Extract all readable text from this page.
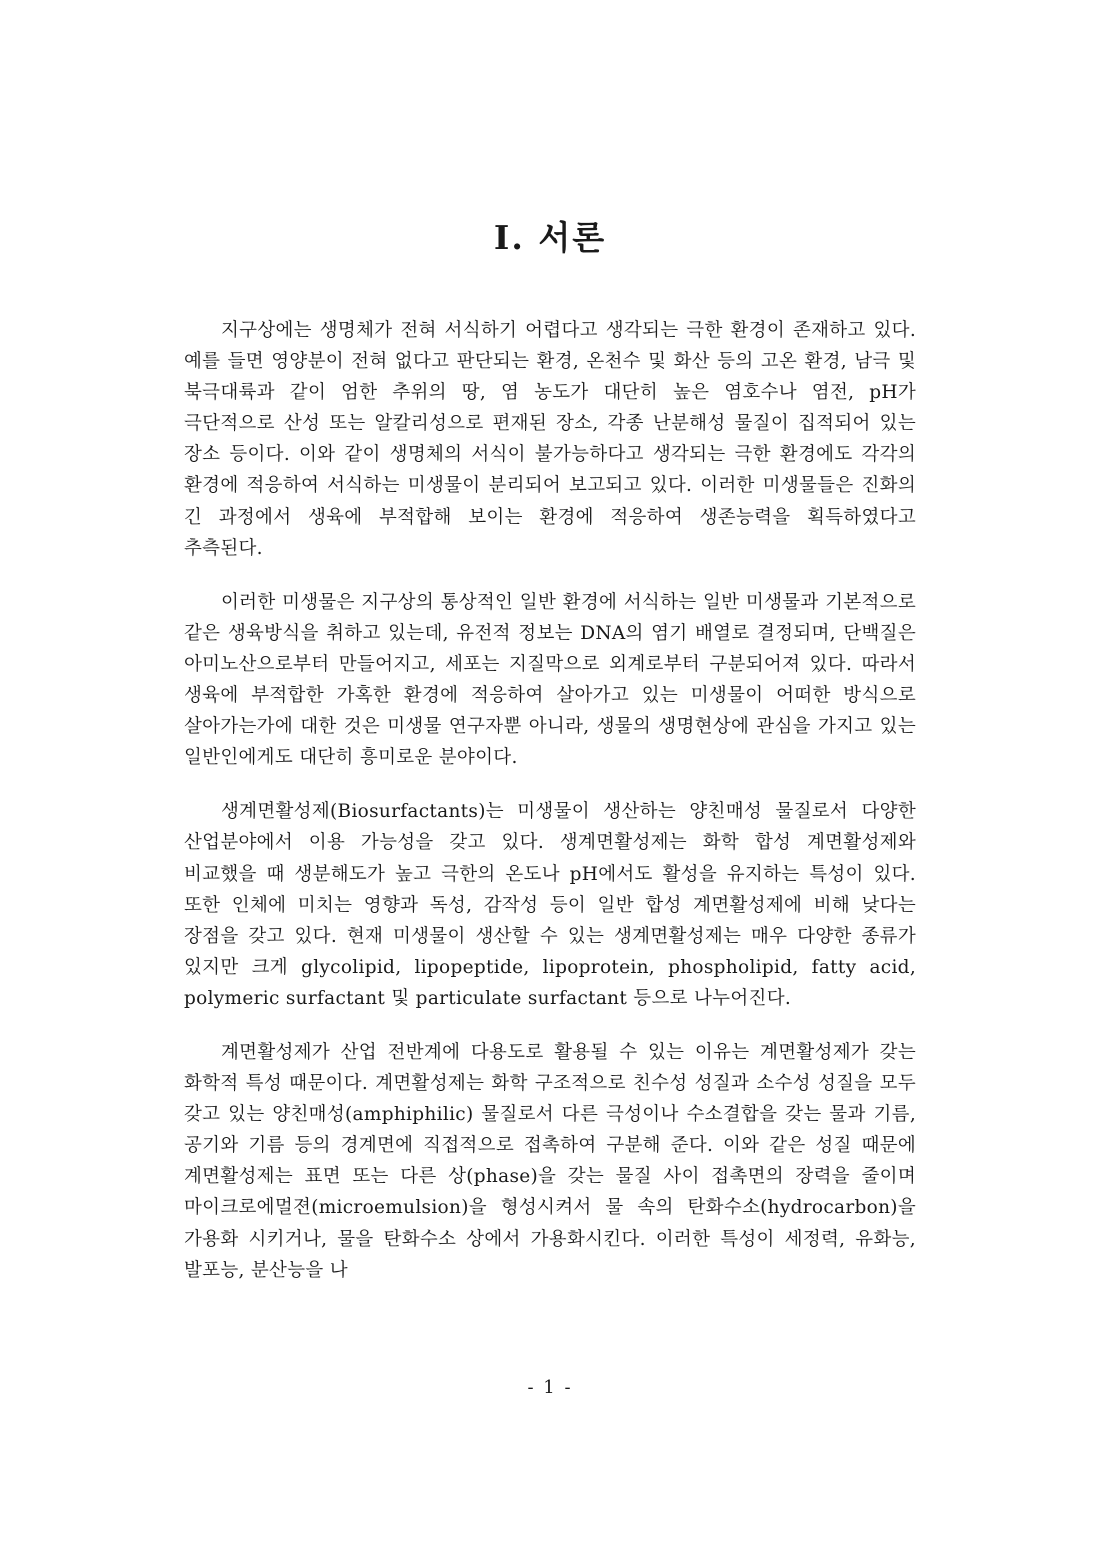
Ⅰ. 서론

지구상에는 생명체가 전혀 서식하기 어렵다고 생각되는 극한 환경이 존재하고 있다. 예를 들면 영양분이 전혀 없다고 판단되는 환경, 온천수 및 화산 등의 고온 환경, 남극 및 북극대륙과 같이 엄한 추위의 땅, 염 농도가 대단히 높은 염호수나 염전, pH가 극단적으로 산성 또는 알칼리성으로 편재된 장소, 각종 난분해성 물질이 집적되어 있는 장소 등이다. 이와 같이 생명체의 서식이 불가능하다고 생각되는 극한 환경에도 각각의 환경에 적응하여 서식하는 미생물이 분리되어 보고되고 있다. 이러한 미생물들은 진화의 긴 과정에서 생육에 부적합해 보이는 환경에 적응하여 생존능력을 획득하였다고 추측된다.

이러한 미생물은 지구상의 통상적인 일반 환경에 서식하는 일반 미생물과 기본적으로 같은 생육방식을 취하고 있는데, 유전적 정보는 DNA의 염기 배열로 결정되며, 단백질은 아미노산으로부터 만들어지고, 세포는 지질막으로 외계로부터 구분되어져 있다. 따라서 생육에 부적합한 가혹한 환경에 적응하여 살아가고 있는 미생물이 어떠한 방식으로 살아가는가에 대한 것은 미생물 연구자뿐 아니라, 생물의 생명현상에 관심을 가지고 있는 일반인에게도 대단히 흥미로운 분야이다.

생계면활성제(Biosurfactants)는 미생물이 생산하는 양친매성 물질로서 다양한 산업분야에서 이용 가능성을 갖고 있다. 생계면활성제는 화학 합성 계면활성제와 비교했을 때 생분해도가 높고 극한의 온도나 pH에서도 활성을 유지하는 특성이 있다. 또한 인체에 미치는 영향과 독성, 감작성 등이 일반 합성 계면활성제에 비해 낮다는 장점을 갖고 있다. 현재 미생물이 생산할 수 있는 생계면활성제는 매우 다양한 종류가 있지만 크게 glycolipid, lipopeptide, lipoprotein, phospholipid, fatty acid, polymeric surfactant 및 particulate surfactant 등으로 나누어진다.

계면활성제가 산업 전반계에 다용도로 활용될 수 있는 이유는 계면활성제가 갖는 화학적 특성 때문이다. 계면활성제는 화학 구조적으로 친수성 성질과 소수성 성질을 모두 갖고 있는 양친매성(amphiphilic) 물질로서 다른 극성이나 수소결합을 갖는 물과 기름, 공기와 기름 등의 경계면에 직접적으로 접촉하여 구분해 준다. 이와 같은 성질 때문에 계면활성제는 표면 또는 다른 상(phase)을 갖는 물질 사이 접촉면의 장력을 줄이며 마이크로에멀젼(microemulsion)을 형성시켜서 물 속의 탄화수소(hydrocarbon)을 가용화 시키거나, 물을 탄화수소 상에서 가용화시킨다. 이러한 특성이 세정력, 유화능, 발포능, 분산능을 나

- 1 -
